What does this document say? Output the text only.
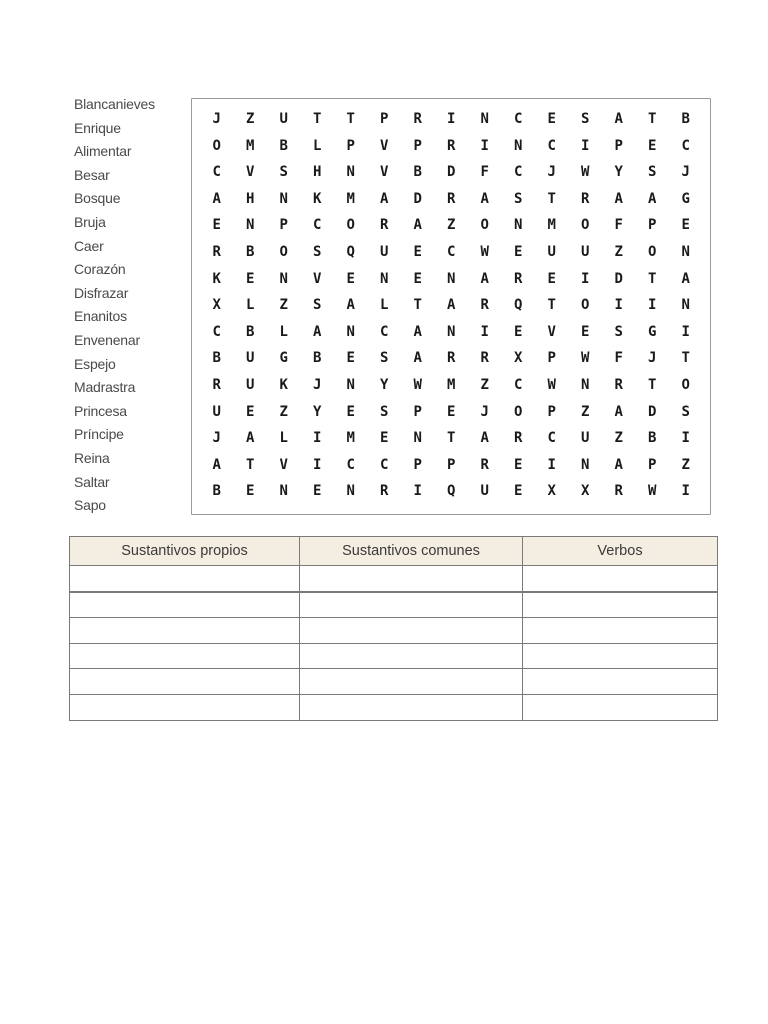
Blancanieves
Enrique
Alimentar
Besar
Bosque
Bruja
Caer
Corazón
Disfrazar
Enanitos
Envenenar
Espejo
Madrastra
Princesa
Príncipe
Reina
Saltar
Sapo
J	Z	U	T	T	P	R	I	N	C	E	S	A	T	B
O	M	B	L	P	V	P	R	I	N	C	I	P	E	C
C	V	S	H	N	V	B	D	F	C	J	W	Y	S	J
A	H	N	K	M	A	D	R	A	S	T	R	A	A	G
E	N	P	C	O	R	A	Z	O	N	M	O	F	P	E
R	B	O	S	Q	U	E	C	W	E	U	U	Z	O	N
K	E	N	V	E	N	E	N	A	R	E	I	D	T	A
X	L	Z	S	A	L	T	A	R	Q	T	O	I	I	N
C	B	L	A	N	C	A	N	I	E	V	E	S	G	I
B	U	G	B	E	S	A	R	R	X	P	W	F	J	T
R	U	K	J	N	Y	W	M	Z	C	W	N	R	T	O
U	E	Z	Y	E	S	P	E	J	O	P	Z	A	D	S
J	A	L	I	M	E	N	T	A	R	C	U	Z	B	I
A	T	V	I	C	C	P	P	R	E	I	N	A	P	Z
B	E	N	E	N	R	I	Q	U	E	X	X	R	W	I
Sustantivos propios	Sustantivos comunes	Verbos
